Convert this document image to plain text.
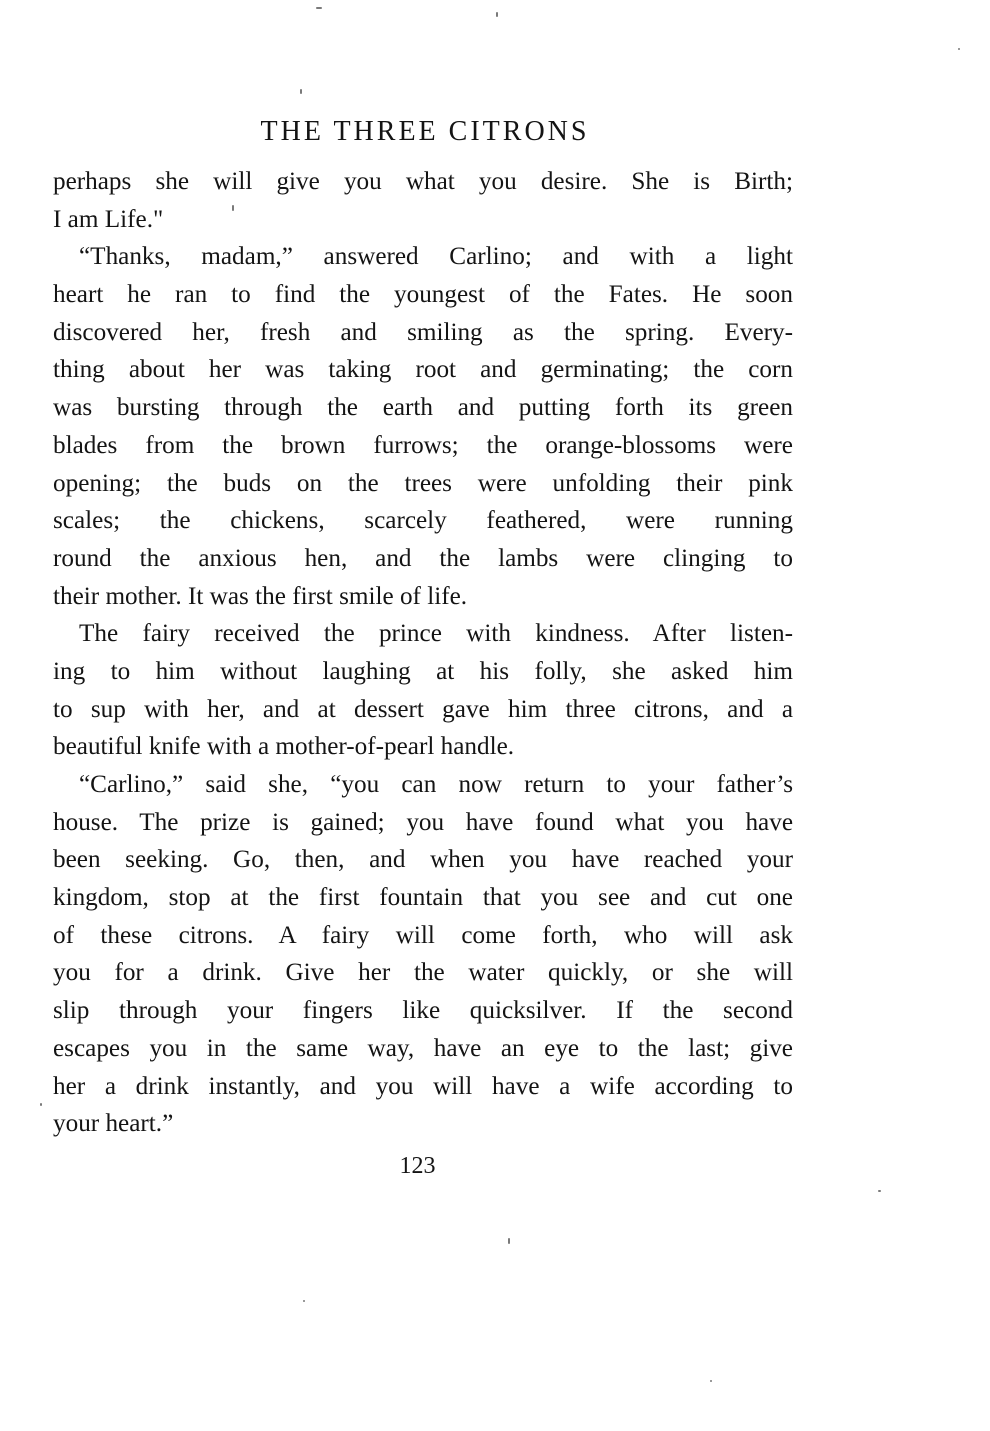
THE THREE CITRONS
perhaps she will give you what you desire. She is Birth;
I am Life."
“Thanks, madam,” answered Carlino; and with a light
heart he ran to find the youngest of the Fates. He soon
discovered her, fresh and smiling as the spring. Every-
thing about her was taking root and germinating; the corn
was bursting through the earth and putting forth its green
blades from the brown furrows; the orange-blossoms were
opening; the buds on the trees were unfolding their pink
scales; the chickens, scarcely feathered, were running
round the anxious hen, and the lambs were clinging to
their mother. It was the first smile of life.
The fairy received the prince with kindness. After listen-
ing to him without laughing at his folly, she asked him
to sup with her, and at dessert gave him three citrons, and a
beautiful knife with a mother-of-pearl handle.
“Carlino,” said she, “you can now return to your father’s
house. The prize is gained; you have found what you have
been seeking. Go, then, and when you have reached your
kingdom, stop at the first fountain that you see and cut one
of these citrons. A fairy will come forth, who will ask
you for a drink. Give her the water quickly, or she will
slip through your fingers like quicksilver. If the second
escapes you in the same way, have an eye to the last; give
her a drink instantly, and you will have a wife according to
your heart.”
123
